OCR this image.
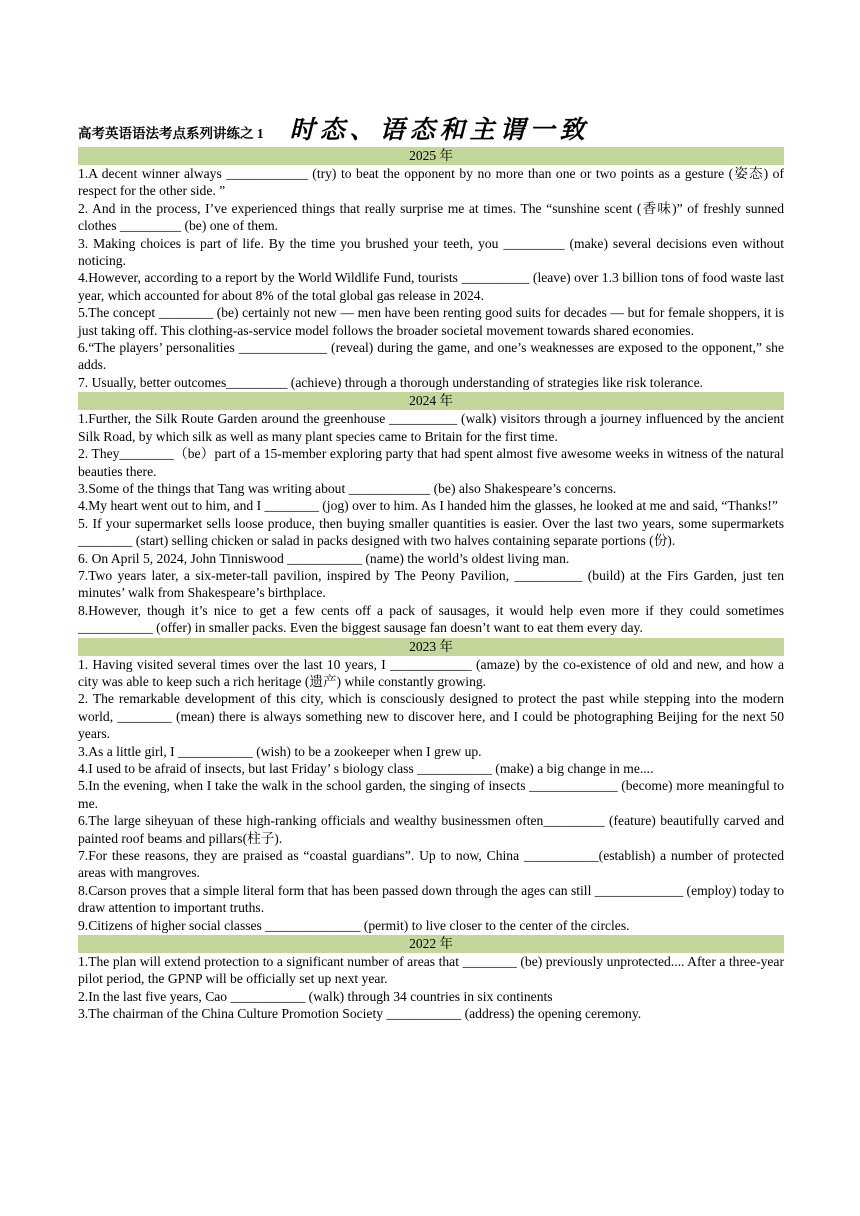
高考英语语法考点系列讲练之 1 时态、语态和主谓一致
2025 年

1.A decent winner always ____________ (try) to beat the opponent by no more than one or two points as a gesture (姿态) of respect for the other side. ”

2. And in the process, I’ve experienced things that really surprise me at times. The “sunshine scent (香味)” of freshly sunned clothes _________ (be) one of them.

3. Making choices is part of life. By the time you brushed your teeth, you _________ (make) several decisions even without noticing.

4.However, according to a report by the World Wildlife Fund, tourists __________ (leave) over 1.3 billion tons of food waste last year, which accounted for about 8% of the total global gas release in 2024.

5.The concept ________ (be) certainly not new — men have been renting good suits for decades — but for female shoppers, it is just taking off. This clothing-as-service model follows the broader societal movement towards shared economies.

6.“The players’ personalities _____________ (reveal) during the game, and one’s weaknesses are exposed to the opponent,” she adds.

7. Usually, better outcomes_________ (achieve) through a thorough understanding of strategies like risk tolerance.

2024 年

1.Further, the Silk Route Garden around the greenhouse __________ (walk) visitors through a journey influenced by the ancient Silk Road, by which silk as well as many plant species came to Britain for the first time.

2. They________（be）part of a 15-member exploring party that had spent almost five awesome weeks in witness of the natural beauties there.

3.Some of the things that Tang was writing about ____________ (be) also Shakespeare’s concerns.

4.My heart went out to him, and I ________ (jog) over to him. As I handed him the glasses, he looked at me and said, “Thanks!”

5. If your supermarket sells loose produce, then buying smaller quantities is easier. Over the last two years, some supermarkets ________ (start) selling chicken or salad in packs designed with two halves containing separate portions (份).

6. On April 5, 2024, John Tinniswood ___________ (name) the world’s oldest living man.

7.Two years later, a six-meter-tall pavilion, inspired by The Peony Pavilion, __________ (build) at the Firs Garden, just ten minutes’ walk from Shakespeare’s birthplace.

8.However, though it’s nice to get a few cents off a pack of sausages, it would help even more if they could sometimes ___________ (offer) in smaller packs. Even the biggest sausage fan doesn’t want to eat them every day.

2023 年

1. Having visited several times over the last 10 years, I ____________ (amaze) by the co-existence of old and new, and how a city was able to keep such a rich heritage (遗产) while constantly growing.

2. The remarkable development of this city, which is consciously designed to protect the past while stepping into the modern world, ________ (mean) there is always something new to discover here, and I could be photographing Beijing for the next 50 years.

3.As a little girl, I ___________ (wish) to be a zookeeper when I grew up.

4.I used to be afraid of insects, but last Friday’ s biology class ___________ (make) a big change in me....

5.In the evening, when I take the walk in the school garden, the singing of insects _____________ (become) more meaningful to me.

6.The large siheyuan of these high-ranking officials and wealthy businessmen often_________ (feature) beautifully carved and painted roof beams and pillars(柱子).

7.For these reasons, they are praised as “coastal guardians”. Up to now, China ___________(establish) a number of protected areas with mangroves.

8.Carson proves that a simple literal form that has been passed down through the ages can still _____________ (employ) today to draw attention to important truths.

9.Citizens of higher social classes ______________ (permit) to live closer to the center of the circles.

2022 年

1.The plan will extend protection to a significant number of areas that ________ (be) previously unprotected.... After a three-year pilot period, the GPNP will be officially set up next year.

2.In the last five years, Cao ___________ (walk) through 34 countries in six continents

3.The chairman of the China Culture Promotion Society ___________ (address) the opening ceremony.
